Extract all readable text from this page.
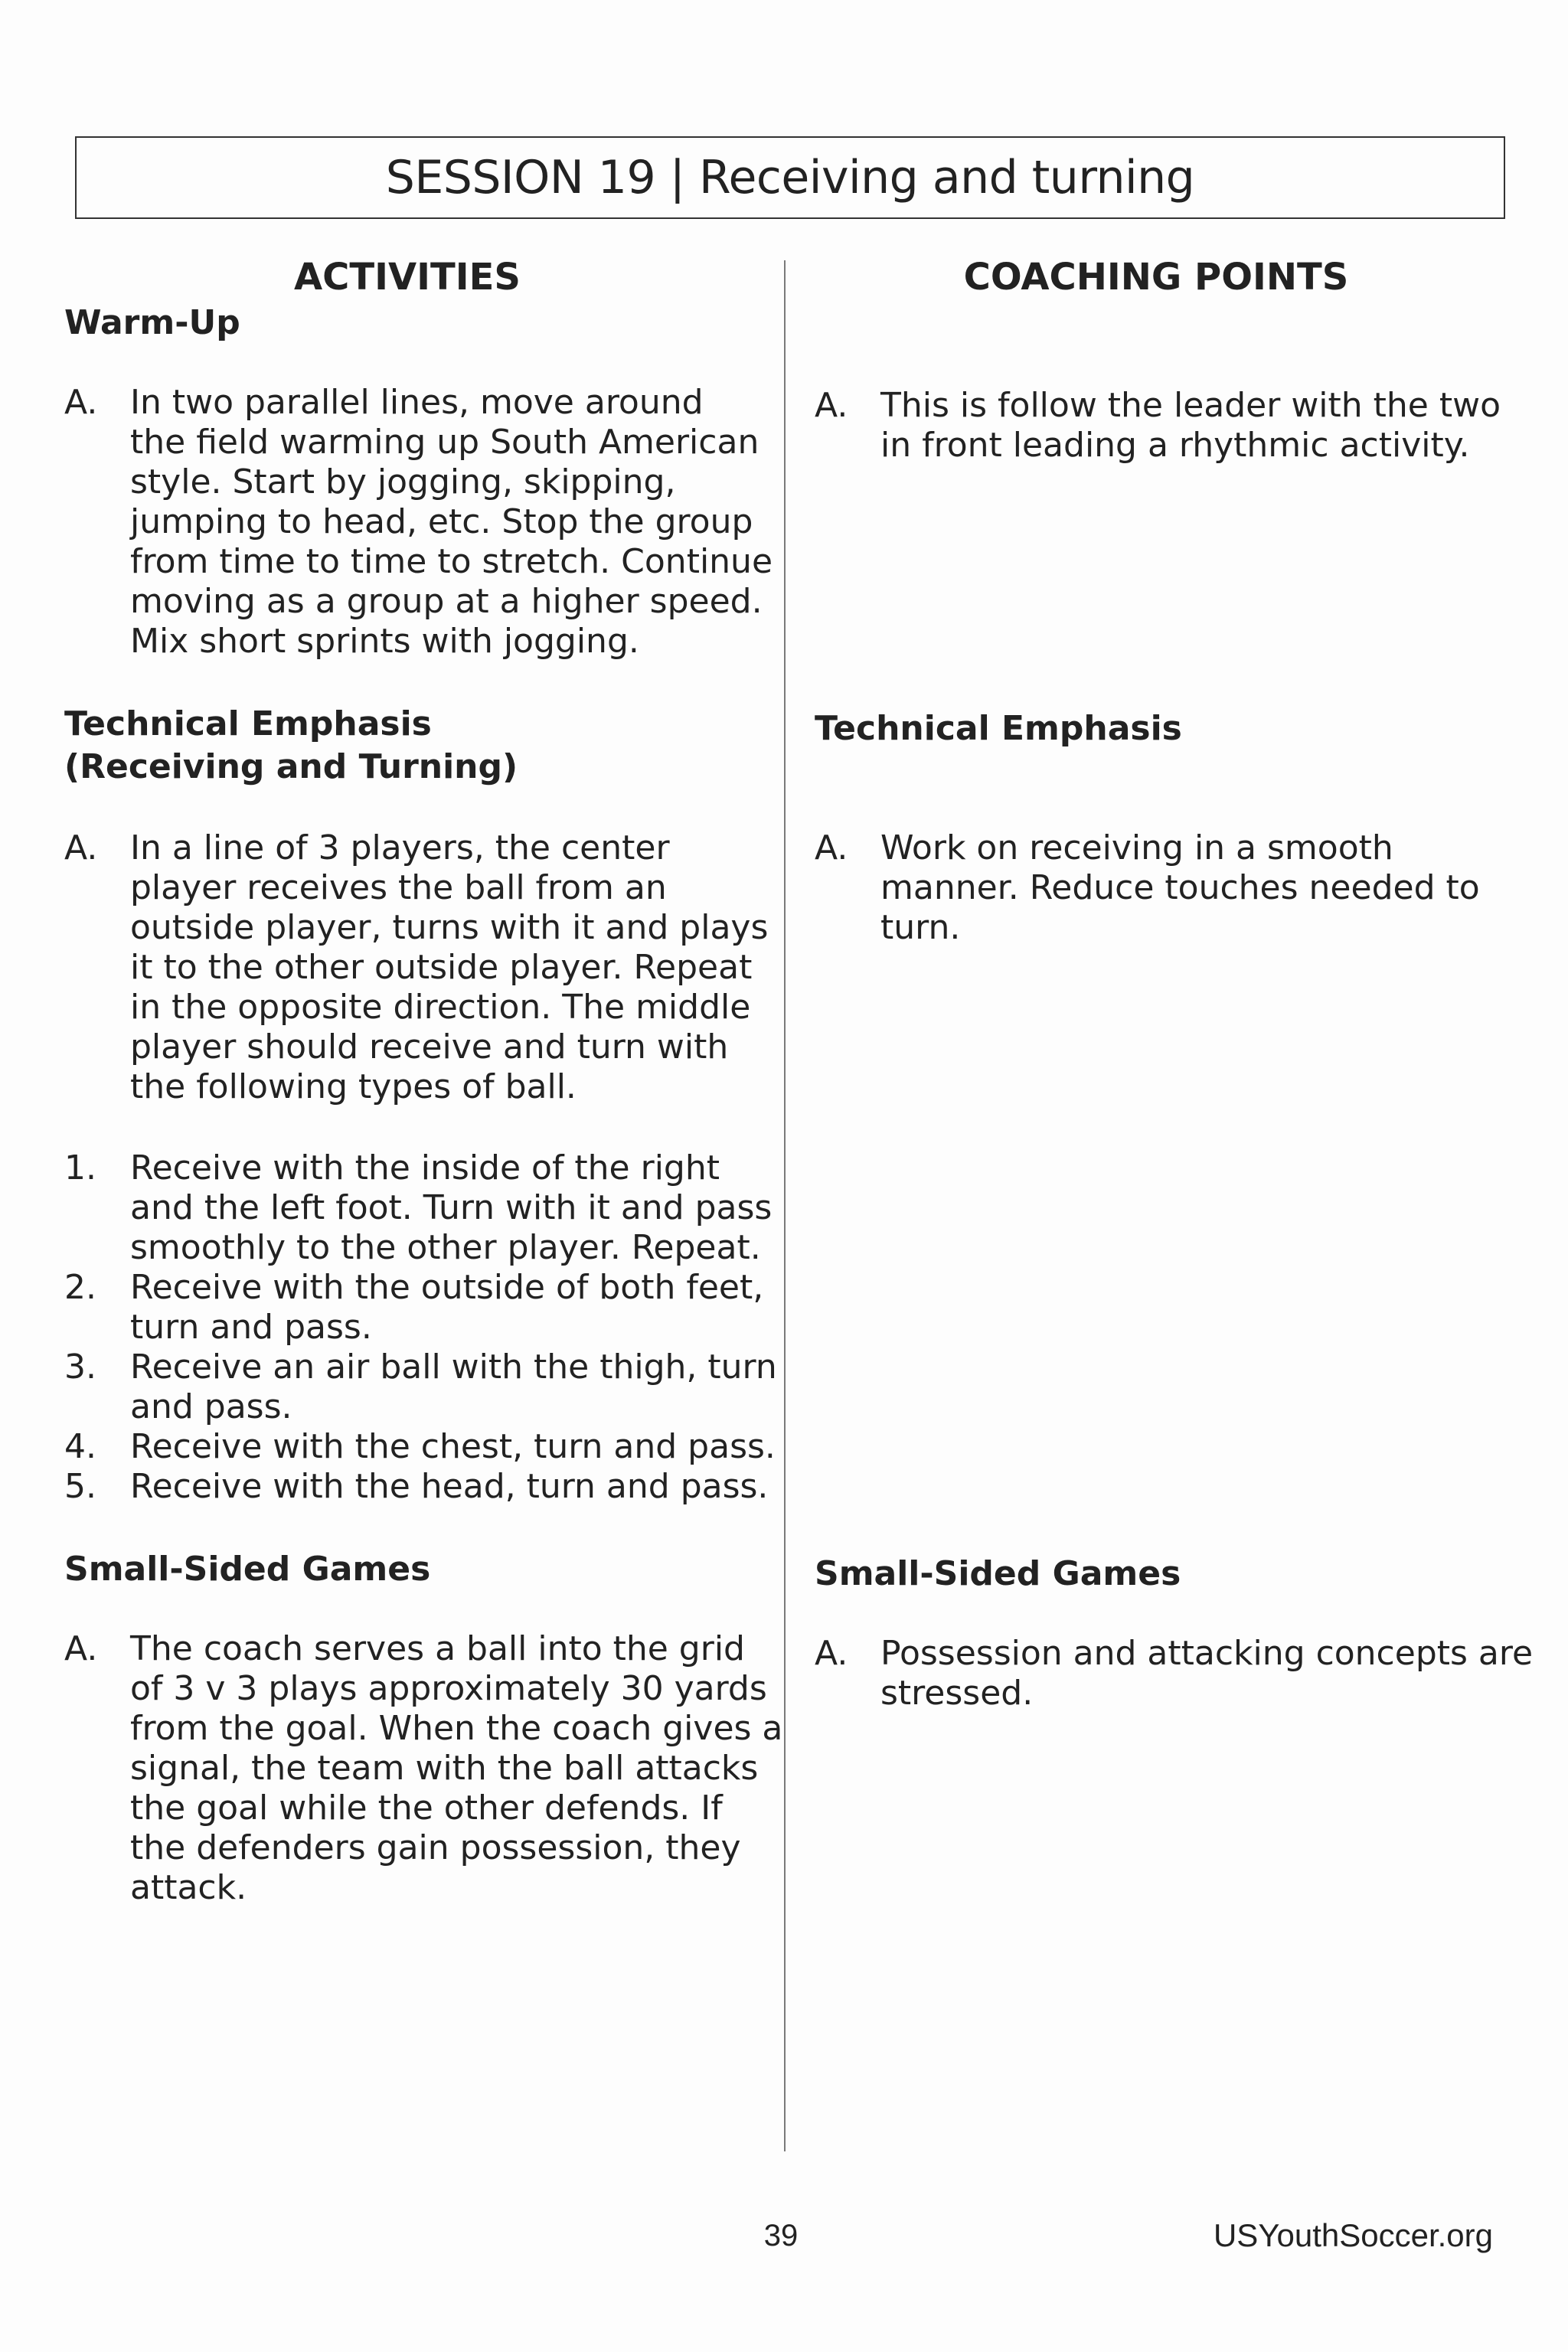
SESSION 19 | Receiving and turning
ACTIVITIES	COACHING POINTS
Warm-Up
A. In two parallel lines, move around
the field warming up South American
style. Start by jogging, skipping,
jumping to head, etc. Stop the group
from time to time to stretch. Continue
moving as a group at a higher speed.
Mix short sprints with jogging.
Technical Emphasis
(Receiving and Turning)
A. In a line of 3 players, the center
player receives the ball from an
outside player, turns with it and plays
it to the other outside player. Repeat
in the opposite direction. The middle
player should receive and turn with
the following types of ball.
1. Receive with the inside of the right
and the left foot. Turn with it and pass
smoothly to the other player. Repeat.
2. Receive with the outside of both feet,
turn and pass.
3. Receive an air ball with the thigh, turn
and pass.
4. Receive with the chest, turn and pass.
5. Receive with the head, turn and pass.
Small-Sided Games
A. The coach serves a ball into the grid
of 3 v 3 plays approximately 30 yards
from the goal. When the coach gives a
signal, the team with the ball attacks
the goal while the other defends. If
the defenders gain possession, they
attack.
A. This is follow the leader with the two
in front leading a rhythmic activity.
Technical Emphasis
A. Work on receiving in a smooth
manner. Reduce touches needed to
turn.
Small-Sided Games
A. Possession and attacking concepts are
stressed.
39	USYouthSoccer.org
